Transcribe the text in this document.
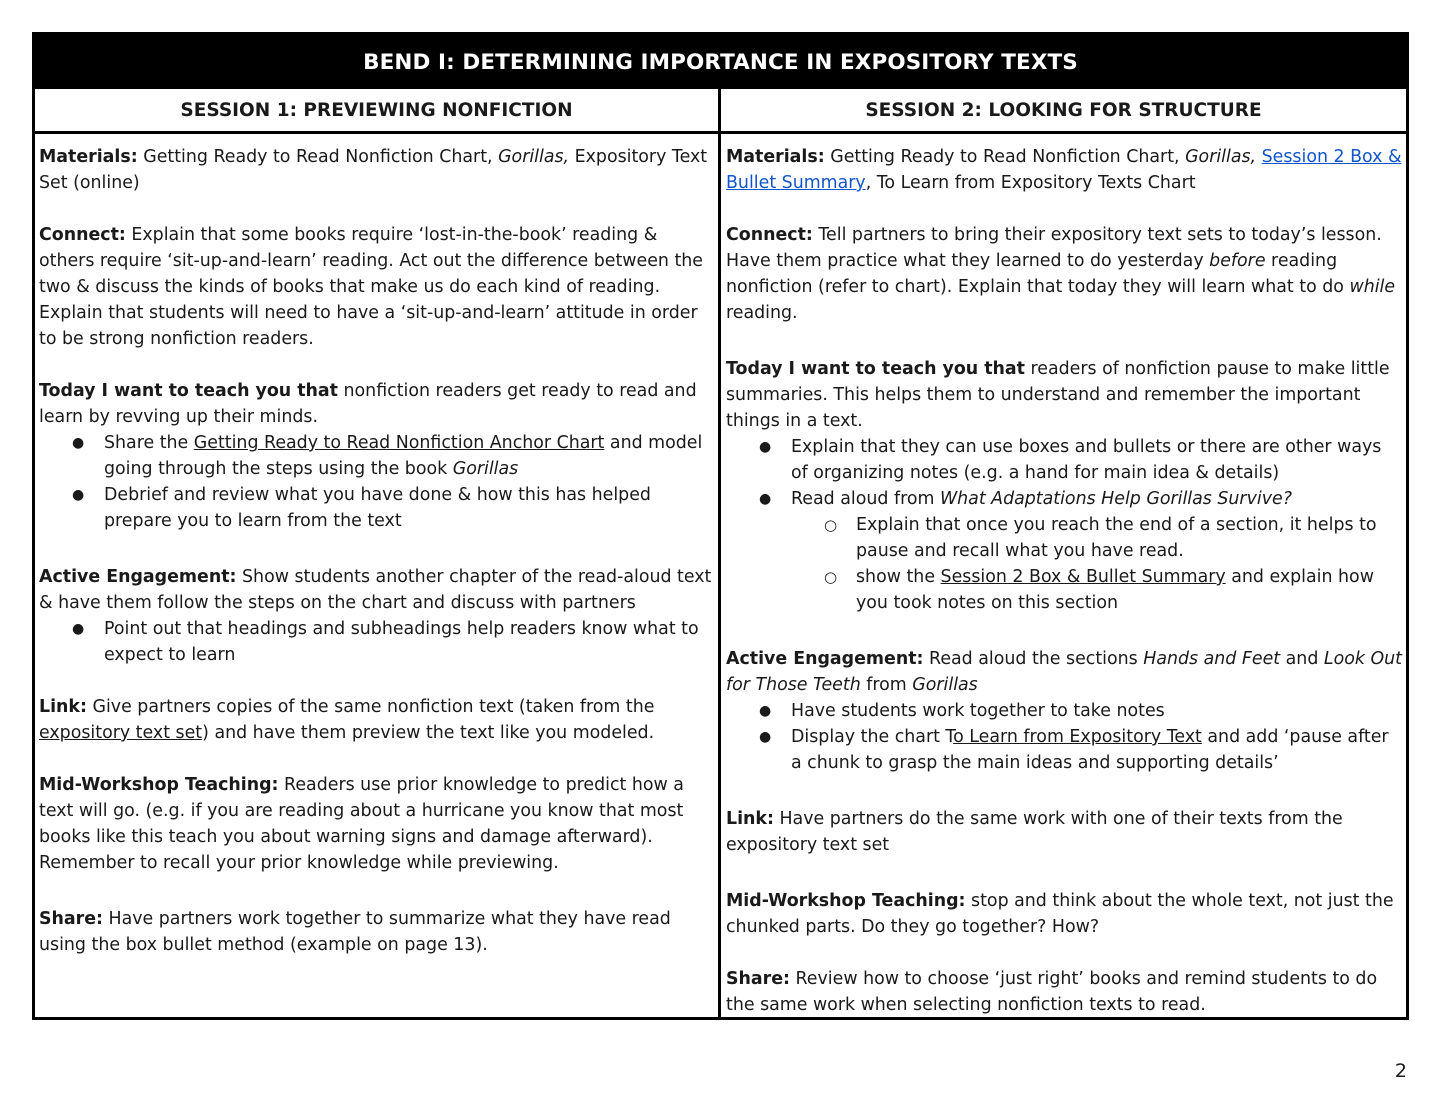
BEND I: DETERMINING IMPORTANCE IN EXPOSITORY TEXTS
SESSION 1: PREVIEWING NONFICTION	SESSION 2: LOOKING FOR STRUCTURE

Materials: Getting Ready to Read Nonfiction Chart, Gorillas, Expository Text Set (online)

Connect: Explain that some books require ‘lost-in-the-book’ reading & others require ‘sit-up-and-learn’ reading. Act out the difference between the two & discuss the kinds of books that make us do each kind of reading. Explain that students will need to have a ‘sit-up-and-learn’ attitude in order to be strong nonfiction readers.

Today I want to teach you that nonfiction readers get ready to read and learn by revving up their minds.

● Share the Getting Ready to Read Nonfiction Anchor Chart and model going through the steps using the book Gorillas
● Debrief and review what you have done & how this has helped prepare you to learn from the text

Active Engagement: Show students another chapter of the read-aloud text & have them follow the steps on the chart and discuss with partners

● Point out that headings and subheadings help readers know what to expect to learn

Link: Give partners copies of the same nonfiction text (taken from the expository text set) and have them preview the text like you modeled.

Mid-Workshop Teaching: Readers use prior knowledge to predict how a text will go. (e.g. if you are reading about a hurricane you know that most books like this teach you about warning signs and damage afterward). Remember to recall your prior knowledge while previewing.

Share: Have partners work together to summarize what they have read using the box bullet method (example on page 13).

Materials: Getting Ready to Read Nonfiction Chart, Gorillas, Session 2 Box & Bullet Summary, To Learn from Expository Texts Chart

Connect: Tell partners to bring their expository text sets to today’s lesson. Have them practice what they learned to do yesterday before reading nonfiction (refer to chart). Explain that today they will learn what to do while reading.

Today I want to teach you that readers of nonfiction pause to make little summaries. This helps them to understand and remember the important things in a text.

● Explain that they can use boxes and bullets or there are other ways of organizing notes (e.g. a hand for main idea & details)
● Read aloud from What Adaptations Help Gorillas Survive?
○ Explain that once you reach the end of a section, it helps to pause and recall what you have read.
○ show the Session 2 Box & Bullet Summary and explain how you took notes on this section

Active Engagement: Read aloud the sections Hands and Feet and Look Out for Those Teeth from Gorillas

● Have students work together to take notes
● Display the chart To Learn from Expository Text and add ‘pause after a chunk to grasp the main ideas and supporting details’

Link: Have partners do the same work with one of their texts from the expository text set

Mid-Workshop Teaching: stop and think about the whole text, not just the chunked parts. Do they go together? How?

Share: Review how to choose ‘just right’ books and remind students to do the same work when selecting nonfiction texts to read.

2
